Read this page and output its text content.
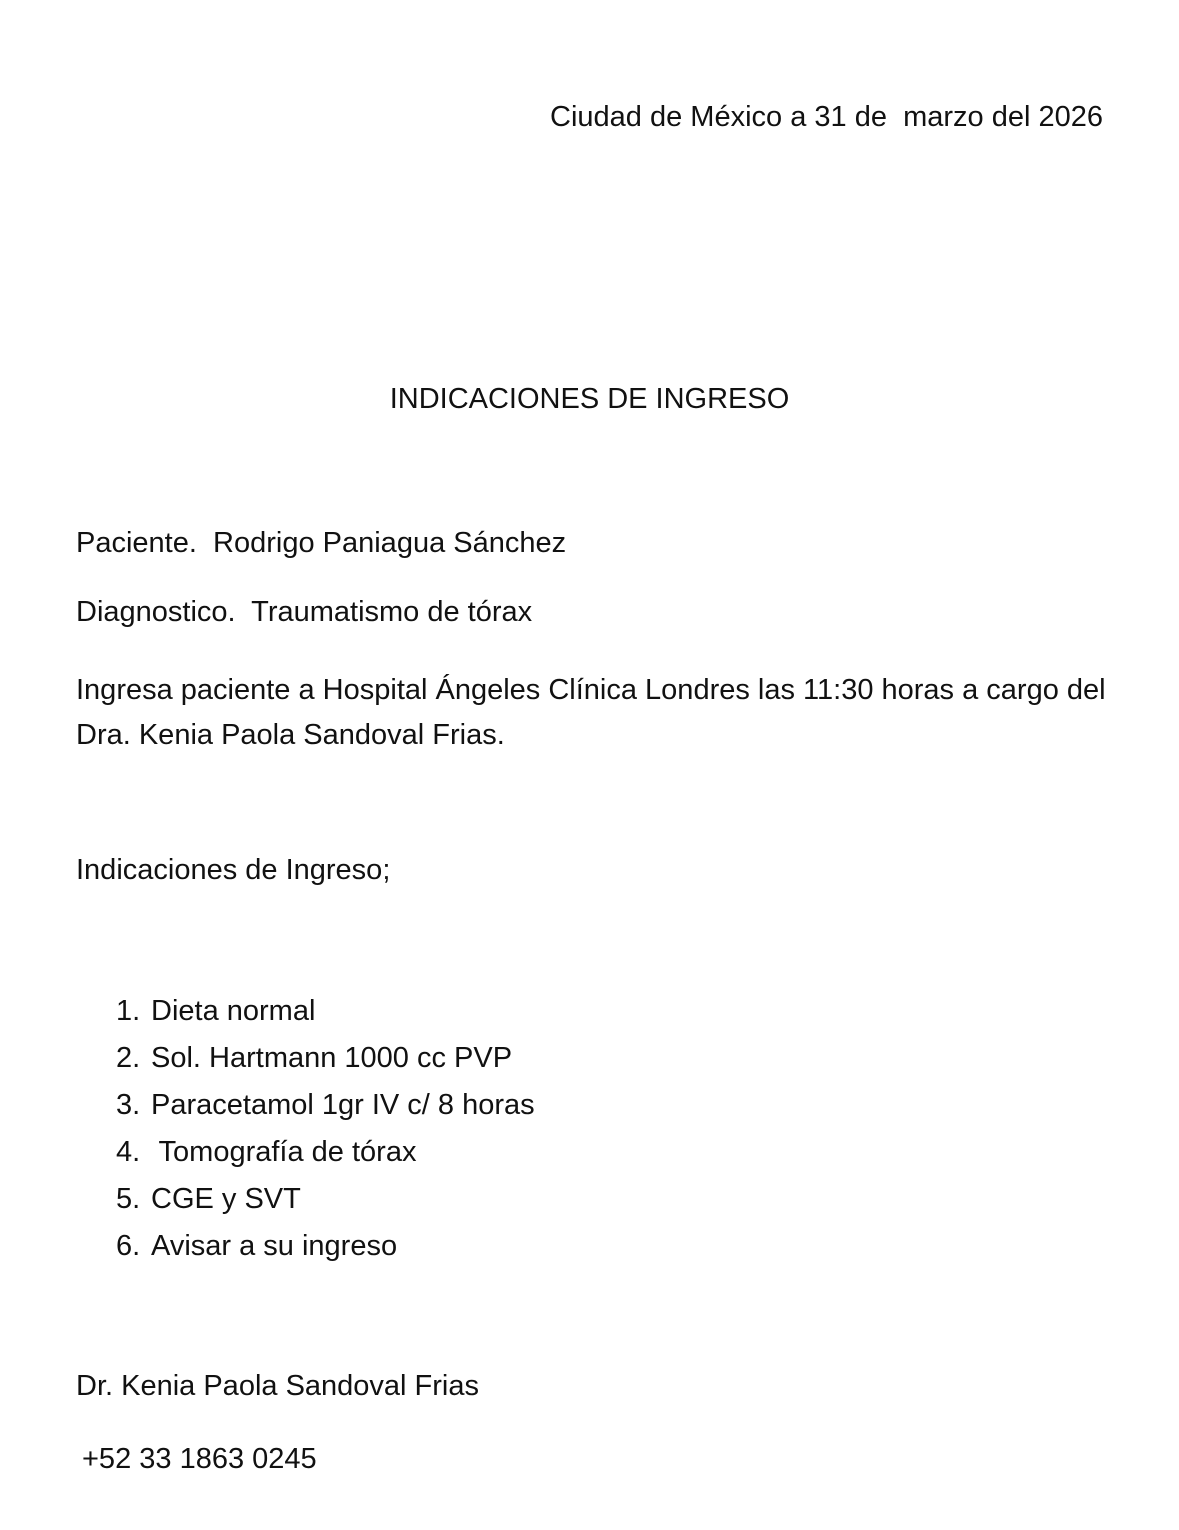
Ciudad de México a 31 de  marzo del 2026

INDICACIONES DE INGRESO

Paciente.  Rodrigo Paniagua Sánchez

Diagnostico.  Traumatismo de tórax

Ingresa paciente a Hospital Ángeles Clínica Londres las 11:30 horas a cargo del Dra. Kenia Paola Sandoval Frias.

Indicaciones de Ingreso;

1. Dieta normal
2. Sol. Hartmann 1000 cc PVP
3. Paracetamol 1gr IV c/ 8 horas
4. Tomografía de tórax
5. CGE y SVT
6. Avisar a su ingreso

Dr. Kenia Paola Sandoval Frias

+52 33 1863 0245
